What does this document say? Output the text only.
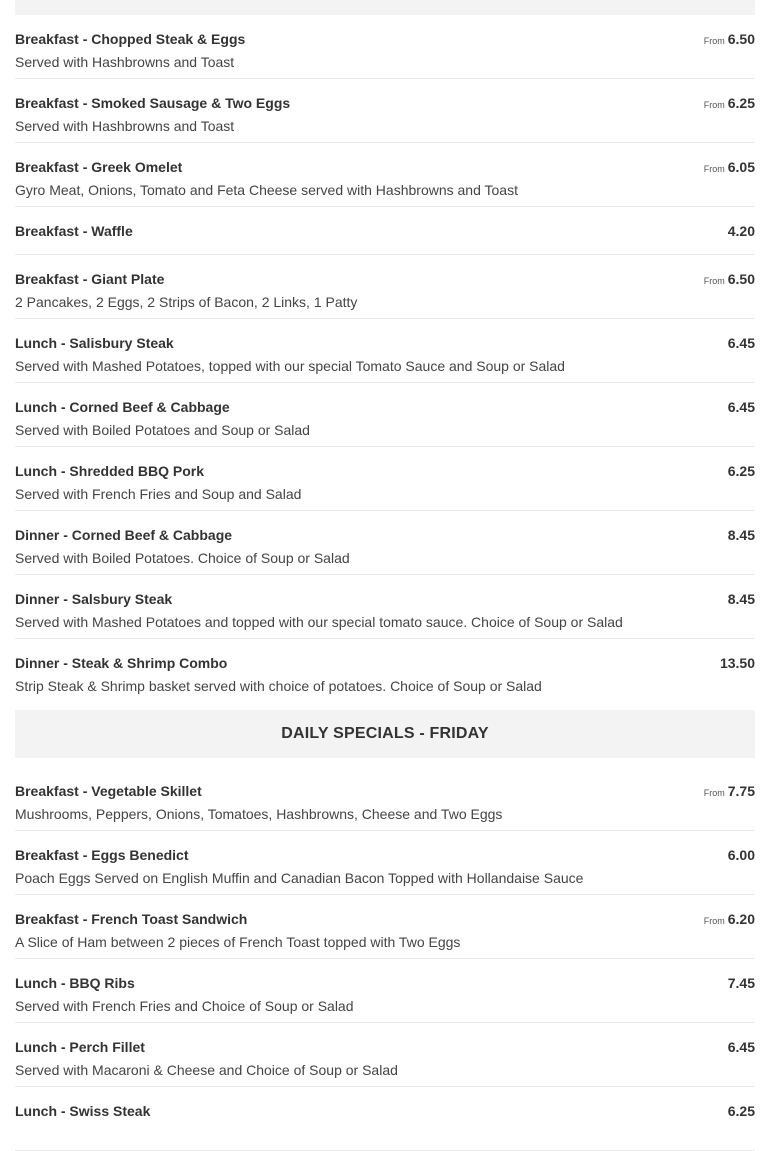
Breakfast - Chopped Steak & Eggs	From 6.50
Served with Hashbrowns and Toast
Breakfast - Smoked Sausage & Two Eggs	From 6.25
Served with Hashbrowns and Toast
Breakfast - Greek Omelet	From 6.05
Gyro Meat, Onions, Tomato and Feta Cheese served with Hashbrowns and Toast
Breakfast - Waffle	4.20
Breakfast - Giant Plate	From 6.50
2 Pancakes, 2 Eggs, 2 Strips of Bacon, 2 Links, 1 Patty
Lunch - Salisbury Steak	6.45
Served with Mashed Potatoes, topped with our special Tomato Sauce and Soup or Salad
Lunch - Corned Beef & Cabbage	6.45
Served with Boiled Potatoes and Soup or Salad
Lunch - Shredded BBQ Pork	6.25
Served with French Fries and Soup and Salad
Dinner - Corned Beef & Cabbage	8.45
Served with Boiled Potatoes. Choice of Soup or Salad
Dinner - Salsbury Steak	8.45
Served with Mashed Potatoes and topped with our special tomato sauce. Choice of Soup or Salad
Dinner - Steak & Shrimp Combo	13.50
Strip Steak & Shrimp basket served with choice of potatoes. Choice of Soup or Salad
DAILY SPECIALS - FRIDAY
Breakfast - Vegetable Skillet	From 7.75
Mushrooms, Peppers, Onions, Tomatoes, Hashbrowns, Cheese and Two Eggs
Breakfast - Eggs Benedict	6.00
Poach Eggs Served on English Muffin and Canadian Bacon Topped with Hollandaise Sauce
Breakfast - French Toast Sandwich	From 6.20
A Slice of Ham between 2 pieces of French Toast topped with Two Eggs
Lunch - BBQ Ribs	7.45
Served with French Fries and Choice of Soup or Salad
Lunch - Perch Fillet	6.45
Served with Macaroni & Cheese and Choice of Soup or Salad
Lunch - Swiss Steak	6.25
